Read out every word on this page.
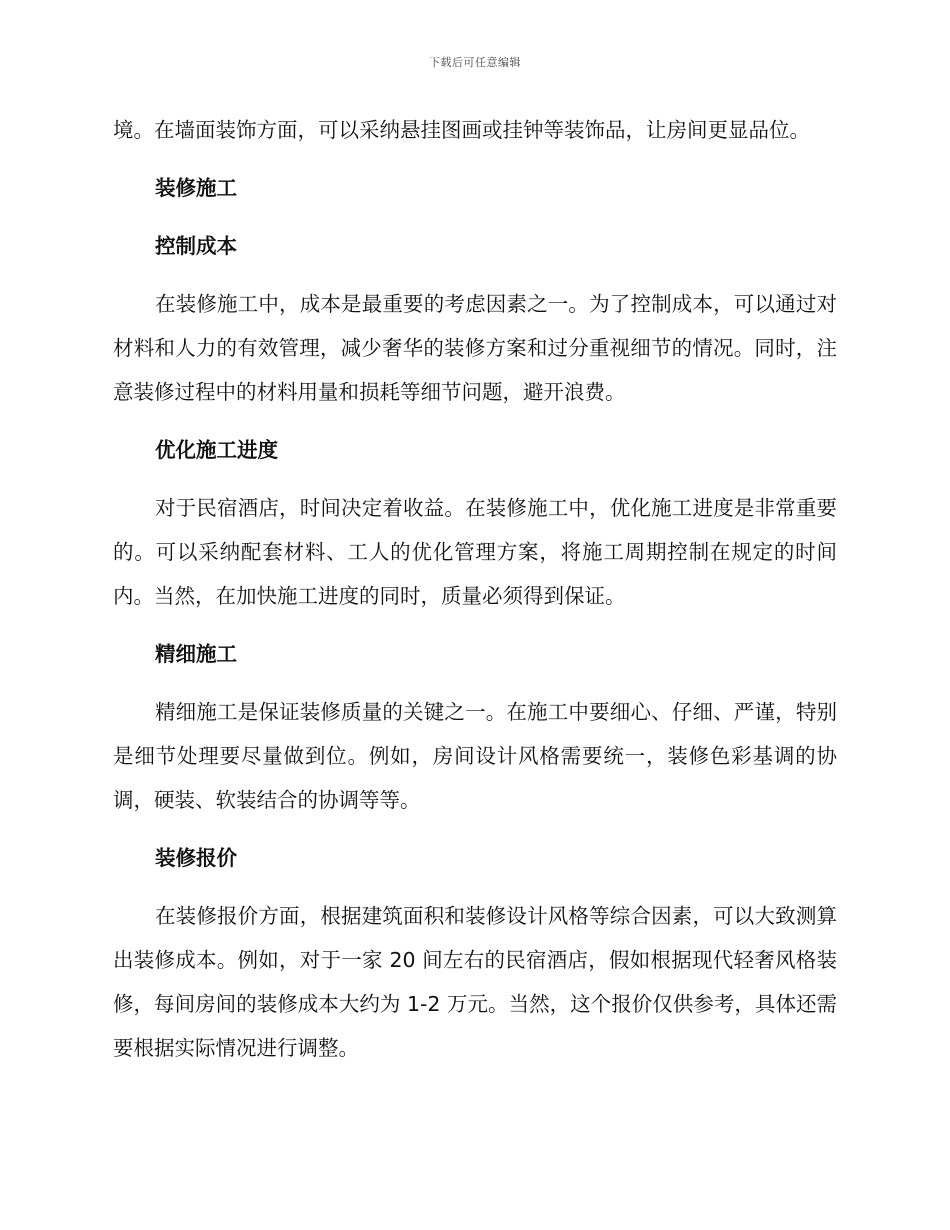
下载后可任意编辑

境。在墙面装饰方面，可以采纳悬挂图画或挂钟等装饰品，让房间更显品位。

装修施工
控制成本

在装修施工中，成本是最重要的考虑因素之一。为了控制成本，可以通过对材料和人力的有效管理，减少奢华的装修方案和过分重视细节的情况。同时，注意装修过程中的材料用量和损耗等细节问题，避开浪费。

优化施工进度

对于民宿酒店，时间决定着收益。在装修施工中，优化施工进度是非常重要的。可以采纳配套材料、工人的优化管理方案，将施工周期控制在规定的时间内。当然，在加快施工进度的同时，质量必须得到保证。

精细施工

精细施工是保证装修质量的关键之一。在施工中要细心、仔细、严谨，特别是细节处理要尽量做到位。例如，房间设计风格需要统一，装修色彩基调的协调，硬装、软装结合的协调等等。

装修报价

在装修报价方面，根据建筑面积和装修设计风格等综合因素，可以大致测算出装修成本。例如，对于一家 20 间左右的民宿酒店，假如根据现代轻奢风格装修，每间房间的装修成本大约为 1-2 万元。当然，这个报价仅供参考，具体还需要根据实际情况进行调整。
